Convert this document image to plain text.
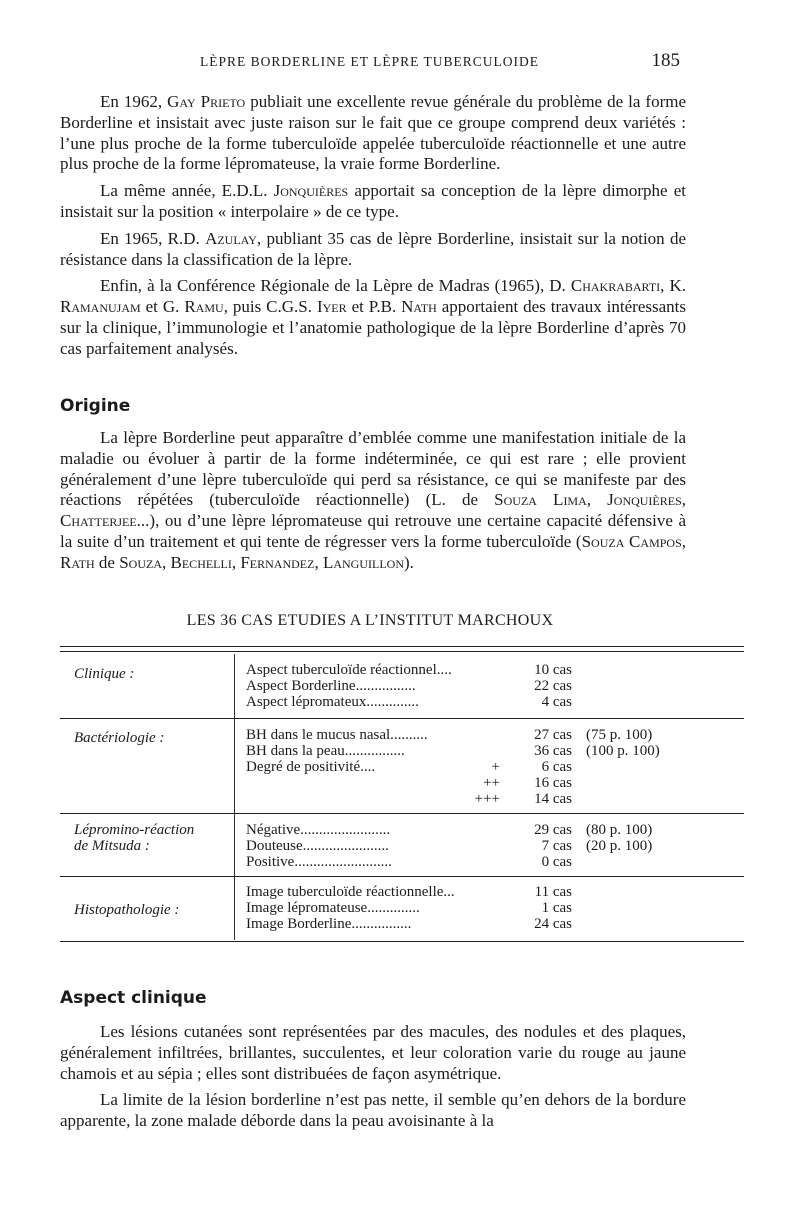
LÈPRE BORDERLINE ET LÈPRE TUBERCULOIDE	185

En 1962, Gay Prieto publiait une excellente revue générale du problème de la forme Borderline et insistait avec juste raison sur le fait que ce groupe comprend deux variétés : l’une plus proche de la forme tuberculoïde appelée tuberculoïde réactionnelle et une autre plus proche de la forme lépromateuse, la vraie forme Borderline.

La même année, E.D.L. Jonquières apportait sa conception de la lèpre dimorphe et insistait sur la position « interpolaire » de ce type.

En 1965, R.D. Azulay, publiant 35 cas de lèpre Borderline, insistait sur la notion de résistance dans la classification de la lèpre.

Enfin, à la Conférence Régionale de la Lèpre de Madras (1965), D. Chakrabarti, K. Ramanujam et G. Ramu, puis C.G.S. Iyer et P.B. Nath apportaient des travaux intéressants sur la clinique, l’immunologie et l’anatomie pathologique de la lèpre Borderline d’après 70 cas parfaitement analysés.

Origine

La lèpre Borderline peut apparaître d’emblée comme une manifestation initiale de la maladie ou évoluer à partir de la forme indéterminée, ce qui est rare ; elle provient généralement d’une lèpre tuberculoïde qui perd sa résistance, ce qui se manifeste par des réactions répétées (tuberculoïde réactionnelle) (L. de Souza Lima, Jonquières, Chatterjee...), ou d’une lèpre lépromateuse qui retrouve une certaine capacité défensive à la suite d’un traitement et qui tente de régresser vers la forme tuberculoïde (Souza Campos, Rath de Souza, Bechelli, Fernandez, Languillon).

LES 36 CAS ETUDIES A L’INSTITUT MARCHOUX
Clinique :	Aspect tuberculoïde réactionnel....	10 cas
Aspect Borderline................	22 cas
Aspect lépromateux..............	4 cas
Bactériologie :	BH dans le mucus nasal..........	27 cas (75 p. 100)
BH dans la peau................	36 cas (100 p. 100)
Degré de positivité....	+	6 cas
++	16 cas
+++	14 cas
Lépromino-réaction
de Mitsuda :
Négative........................	29 cas (80 p. 100)
Douteuse.......................	7 cas (20 p. 100)
Positive..........................	0 cas
Histopathologie :
Image tuberculoïde réactionnelle...	11 cas
Image lépromateuse..............	1 cas
Image Borderline................	24 cas
Aspect clinique

Les lésions cutanées sont représentées par des macules, des nodules et des plaques, généralement infiltrées, brillantes, succulentes, et leur coloration varie du rouge au jaune chamois et au sépia ; elles sont distribuées de façon asymétrique.

La limite de la lésion borderline n’est pas nette, il semble qu’en dehors de la bordure apparente, la zone malade déborde dans la peau avoisinante à la
